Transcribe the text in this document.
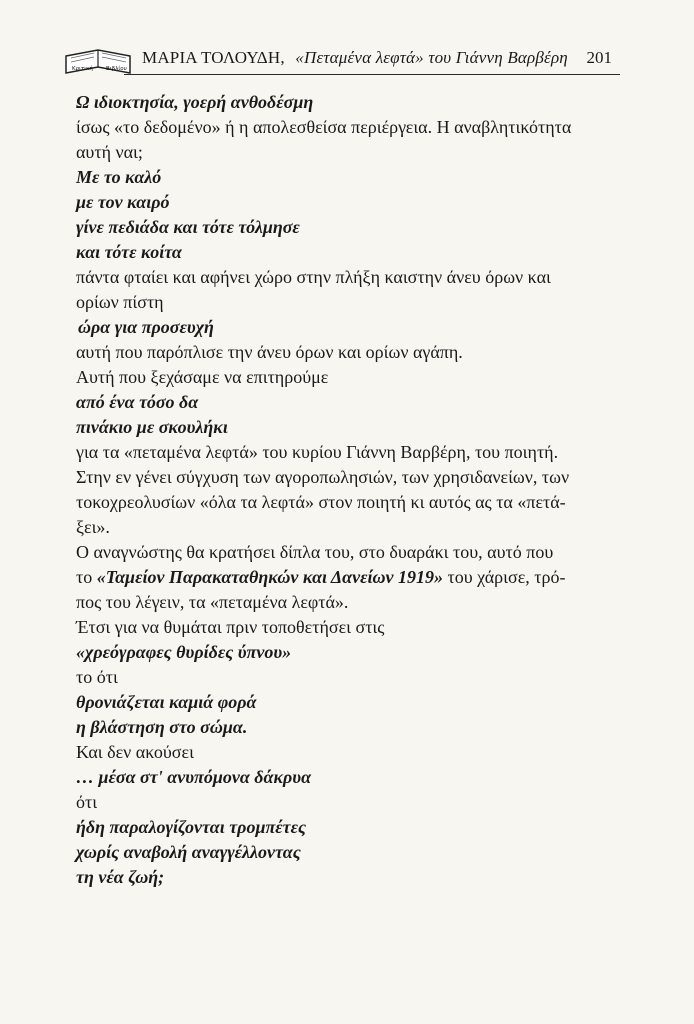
Κριτική Βιβλίου
ΜΑΡΙΑ ΤΟΛΟΥΔΗ, «Πεταμένα λεφτά» του Γιάννη Βαρβέρη 201
Ω ιδιοκτησία, γοερή ανθοδέσμη
ίσως «το δεδομένο» ή η απολεσθείσα περιέργεια. Η αναβλητικότητα
αυτή ναι;
Με το καλό
με τον καιρό
γίνε πεδιάδα και τότε τόλμησε
και τότε κοίτα
πάντα φταίει και αφήνει χώρο στην πλήξη καιστην άνευ όρων και
ορίων πίστη
ώρα για προσευχή
αυτή που παρόπλισε την άνευ όρων και ορίων αγάπη.
Αυτή που ξεχάσαμε να επιτηρούμε
από ένα τόσο δα
πινάκιο με σκουλήκι
για τα «πεταμένα λεφτά» του κυρίου Γιάννη Βαρβέρη, του ποιητή.
Στην εν γένει σύγχυση των αγοροπωλησιών, των χρησιδανείων, των
τοκοχρεολυσίων «όλα τα λεφτά» στον ποιητή κι αυτός ας τα «πετά-
ξει».
Ο αναγνώστης θα κρατήσει δίπλα του, στο δυαράκι του, αυτό που
το «Ταμείον Παρακαταθηκών και Δανείων 1919» του χάρισε, τρό-
πος του λέγειν, τα «πεταμένα λεφτά».
Έτσι για να θυμάται πριν τοποθετήσει στις
«χρεόγραφες θυρίδες ύπνου»
το ότι
θρονιάζεται καμιά φορά
η βλάστηση στο σώμα.
Και δεν ακούσει
… μέσα στ' ανυπόμονα δάκρυα
ότι
ήδη παραλογίζονται τρομπέτες
χωρίς αναβολή αναγγέλλοντας
τη νέα ζωή;
